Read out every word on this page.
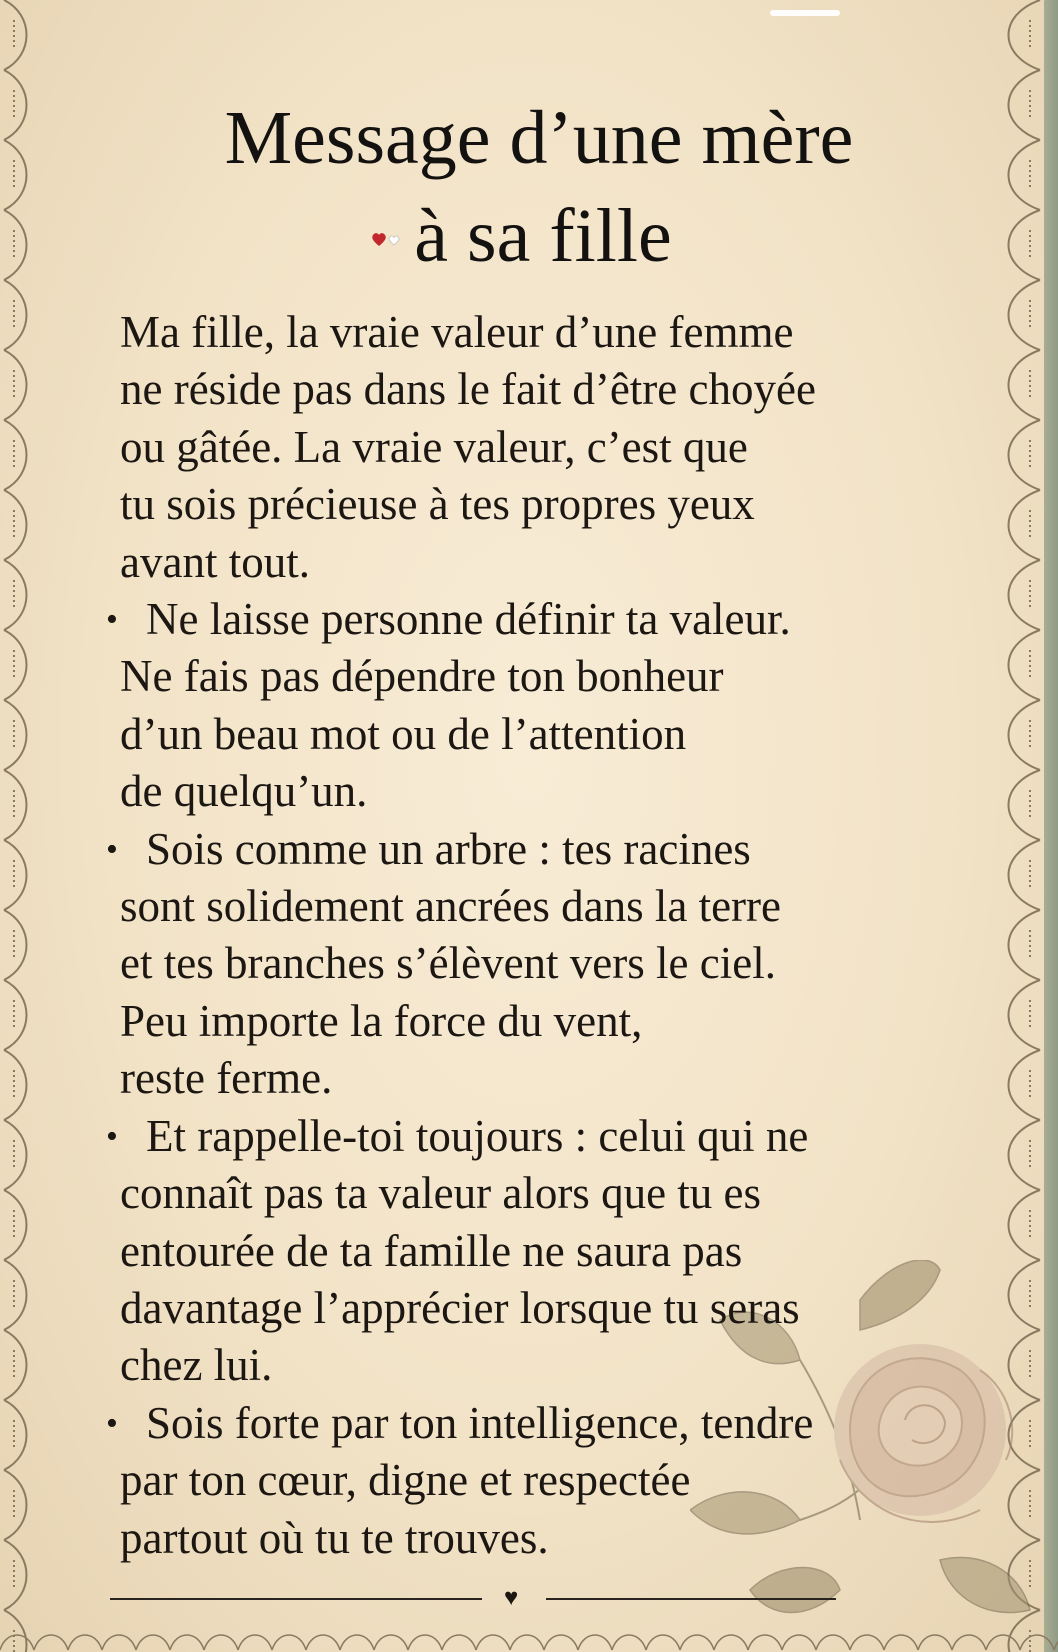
Message d’une mère
à sa fille

Ma fille, la vraie valeur d’une femme
ne réside pas dans le fait d’être choyée
ou gâtée. La vraie valeur, c’est que
tu sois précieuse à tes propres yeux
avant tout.

• Ne laisse personne définir ta valeur.
Ne fais pas dépendre ton bonheur
d’un beau mot ou de l’attention
de quelqu’un.
• Sois comme un arbre : tes racines
sont solidement ancrées dans la terre
et tes branches s’élèvent vers le ciel.
Peu importe la force du vent,
reste ferme.
• Et rappelle-toi toujours : celui qui ne
connaît pas ta valeur alors que tu es
entourée de ta famille ne saura pas
davantage l’apprécier lorsque tu seras
chez lui.
• Sois forte par ton intelligence, tendre
par ton cœur, digne et respectée
partout où tu te trouves.
♥
